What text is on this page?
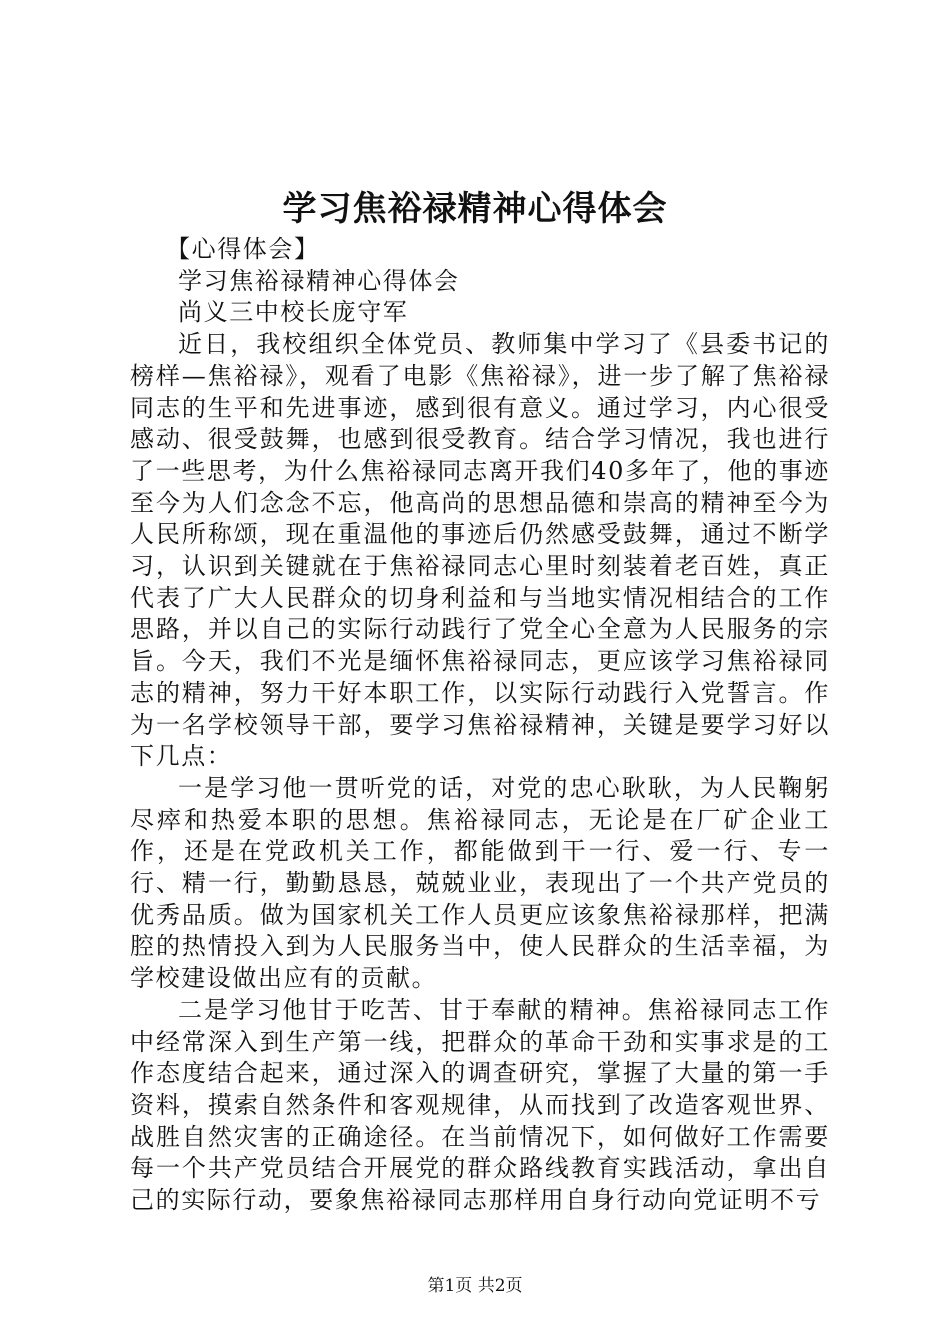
学习焦裕禄精神心得体会

【心得体会】

学习焦裕禄精神心得体会

尚义三中校长庞守军

近日，我校组织全体党员、教师集中学习了《县委书记的榜样—焦裕禄》，观看了电影《焦裕禄》，进一步了解了焦裕禄同志的生平和先进事迹，感到很有意义。通过学习，内心很受感动、很受鼓舞，也感到很受教育。结合学习情况，我也进行了一些思考，为什么焦裕禄同志离开我们40多年了，他的事迹至今为人们念念不忘，他高尚的思想品德和崇高的精神至今为人民所称颂，现在重温他的事迹后仍然感受鼓舞，通过不断学习，认识到关键就在于焦裕禄同志心里时刻装着老百姓，真正代表了广大人民群众的切身利益和与当地实情况相结合的工作思路，并以自己的实际行动践行了党全心全意为人民服务的宗旨。今天，我们不光是缅怀焦裕禄同志，更应该学习焦裕禄同志的精神，努力干好本职工作，以实际行动践行入党誓言。作为一名学校领导干部，要学习焦裕禄精神，关键是要学习好以下几点：

一是学习他一贯听党的话，对党的忠心耿耿，为人民鞠躬尽瘁和热爱本职的思想。焦裕禄同志，无论是在厂矿企业工作，还是在党政机关工作，都能做到干一行、爱一行、专一行、精一行，勤勤恳恳，兢兢业业，表现出了一个共产党员的优秀品质。做为国家机关工作人员更应该象焦裕禄那样，把满腔的热情投入到为人民服务当中，使人民群众的生活幸福，为学校建设做出应有的贡献。

二是学习他甘于吃苦、甘于奉献的精神。焦裕禄同志工作中经常深入到生产第一线，把群众的革命干劲和实事求是的工作态度结合起来，通过深入的调查研究，掌握了大量的第一手资料，摸索自然条件和客观规律，从而找到了改造客观世界、战胜自然灾害的正确途径。在当前情况下，如何做好工作需要每一个共产党员结合开展党的群众路线教育实践活动，拿出自己的实际行动，要象焦裕禄同志那样用自身行动向党证明不亏

第1页 共2页
